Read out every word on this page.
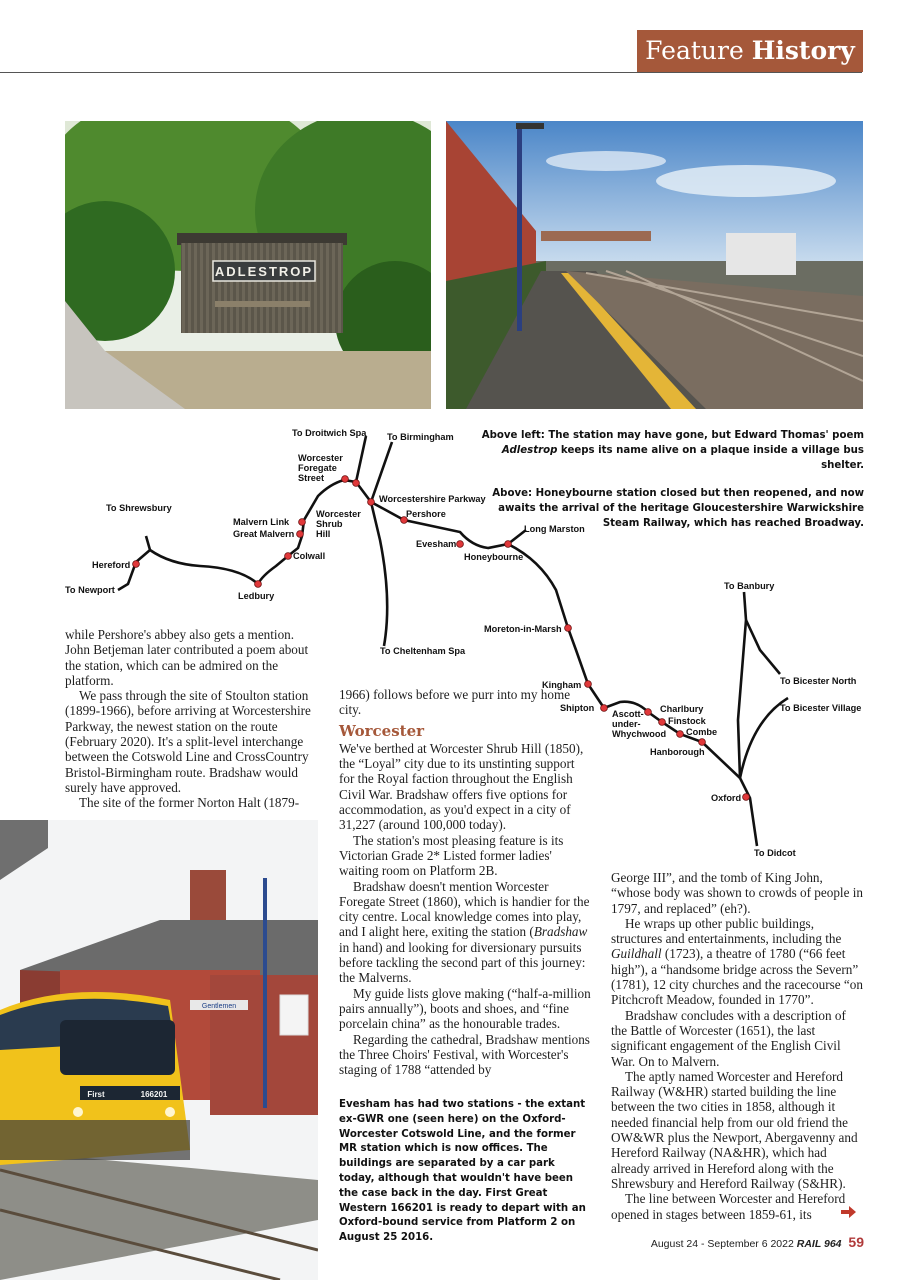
Feature History
ADLESTROP
Gentlemen
166201
First
To Droitwich Spa To Birmingham
Worcester
Foregate
Street
Worcestershire Parkway
To Shrewsbury
Malvern Link
Great Malvern
Worcester
Shrub
Hill
Pershore
Long Marston
Evesham
Honeybourne
Hereford
Colwall
To Newport
Ledbury
To Banbury
Moreton-in-Marsh
To Cheltenham Spa
To Bicester North
Kingham
To Bicester Village
Shipton	Charlbury
Ascott-
under-
Whychwood
Finstock
Combe
Hanborough
Oxford
To Didcot
Above left: The station may have gone, but Edward Thomas' poem Adlestrop keeps its name alive on a plaque inside a village bus shelter.
Above: Honeybourne station closed but then reopened, and now awaits the arrival of the heritage Gloucestershire Warwickshire Steam Railway, which has reached Broadway.

while Pershore's abbey also gets a mention. John Betjeman later contributed a poem about the station, which can be admired on the platform.

We pass through the site of Stoulton station (1899-1966), before arriving at Worcestershire Parkway, the newest station on the route (February 2020). It's a split-level interchange between the Cotswold Line and CrossCountry Bristol-Birmingham route. Bradshaw would surely have approved.

The site of the former Norton Halt (1879-

1966) follows before we purr into my home city.

Worcester

We've berthed at Worcester Shrub Hill (1850), the “Loyal” city due to its unstinting support for the Royal faction throughout the English Civil War. Bradshaw offers five options for accommodation, as you'd expect in a city of 31,227 (around 100,000 today).

The station's most pleasing feature is its Victorian Grade 2* Listed former ladies' waiting room on Platform 2B.

Bradshaw doesn't mention Worcester Foregate Street (1860), which is handier for the city centre. Local knowledge comes into play, and I alight here, exiting the station (Bradshaw in hand) and looking for diversionary pursuits before tackling the second part of this journey: the Malverns.

My guide lists glove making (“half-a-million pairs annually”), boots and shoes, and “fine porcelain china” as the honourable trades.

Regarding the cathedral, Bradshaw mentions the Three Choirs' Festival, with Worcester's staging of 1788 “attended by

Evesham has had two stations - the extant ex-GWR one (seen here) on the Oxford-Worcester Cotswold Line, and the former MR station which is now offices. The buildings are separated by a car park today, although that wouldn't have been the case back in the day. First Great Western 166201 is ready to depart with an Oxford-bound service from Platform 2 on August 25 2016.

George III”, and the tomb of King John, “whose body was shown to crowds of people in 1797, and replaced” (eh?).

He wraps up other public buildings, structures and entertainments, including the Guildhall (1723), a theatre of 1780 (“66 feet high”), a “handsome bridge across the Severn” (1781), 12 city churches and the racecourse “on Pitchcroft Meadow, founded in 1770”.

Bradshaw concludes with a description of the Battle of Worcester (1651), the last significant engagement of the English Civil War. On to Malvern.

The aptly named Worcester and Hereford Railway (W&HR) started building the line between the two cities in 1858, although it needed financial help from our old friend the OW&WR plus the Newport, Abergavenny and Hereford Railway (NA&HR), which had already arrived in Hereford along with the Shrewsbury and Hereford Railway (S&HR).

The line between Worcester and Hereford opened in stages between 1859-61, its

August 24 - September 6 2022 RAIL 964 59
